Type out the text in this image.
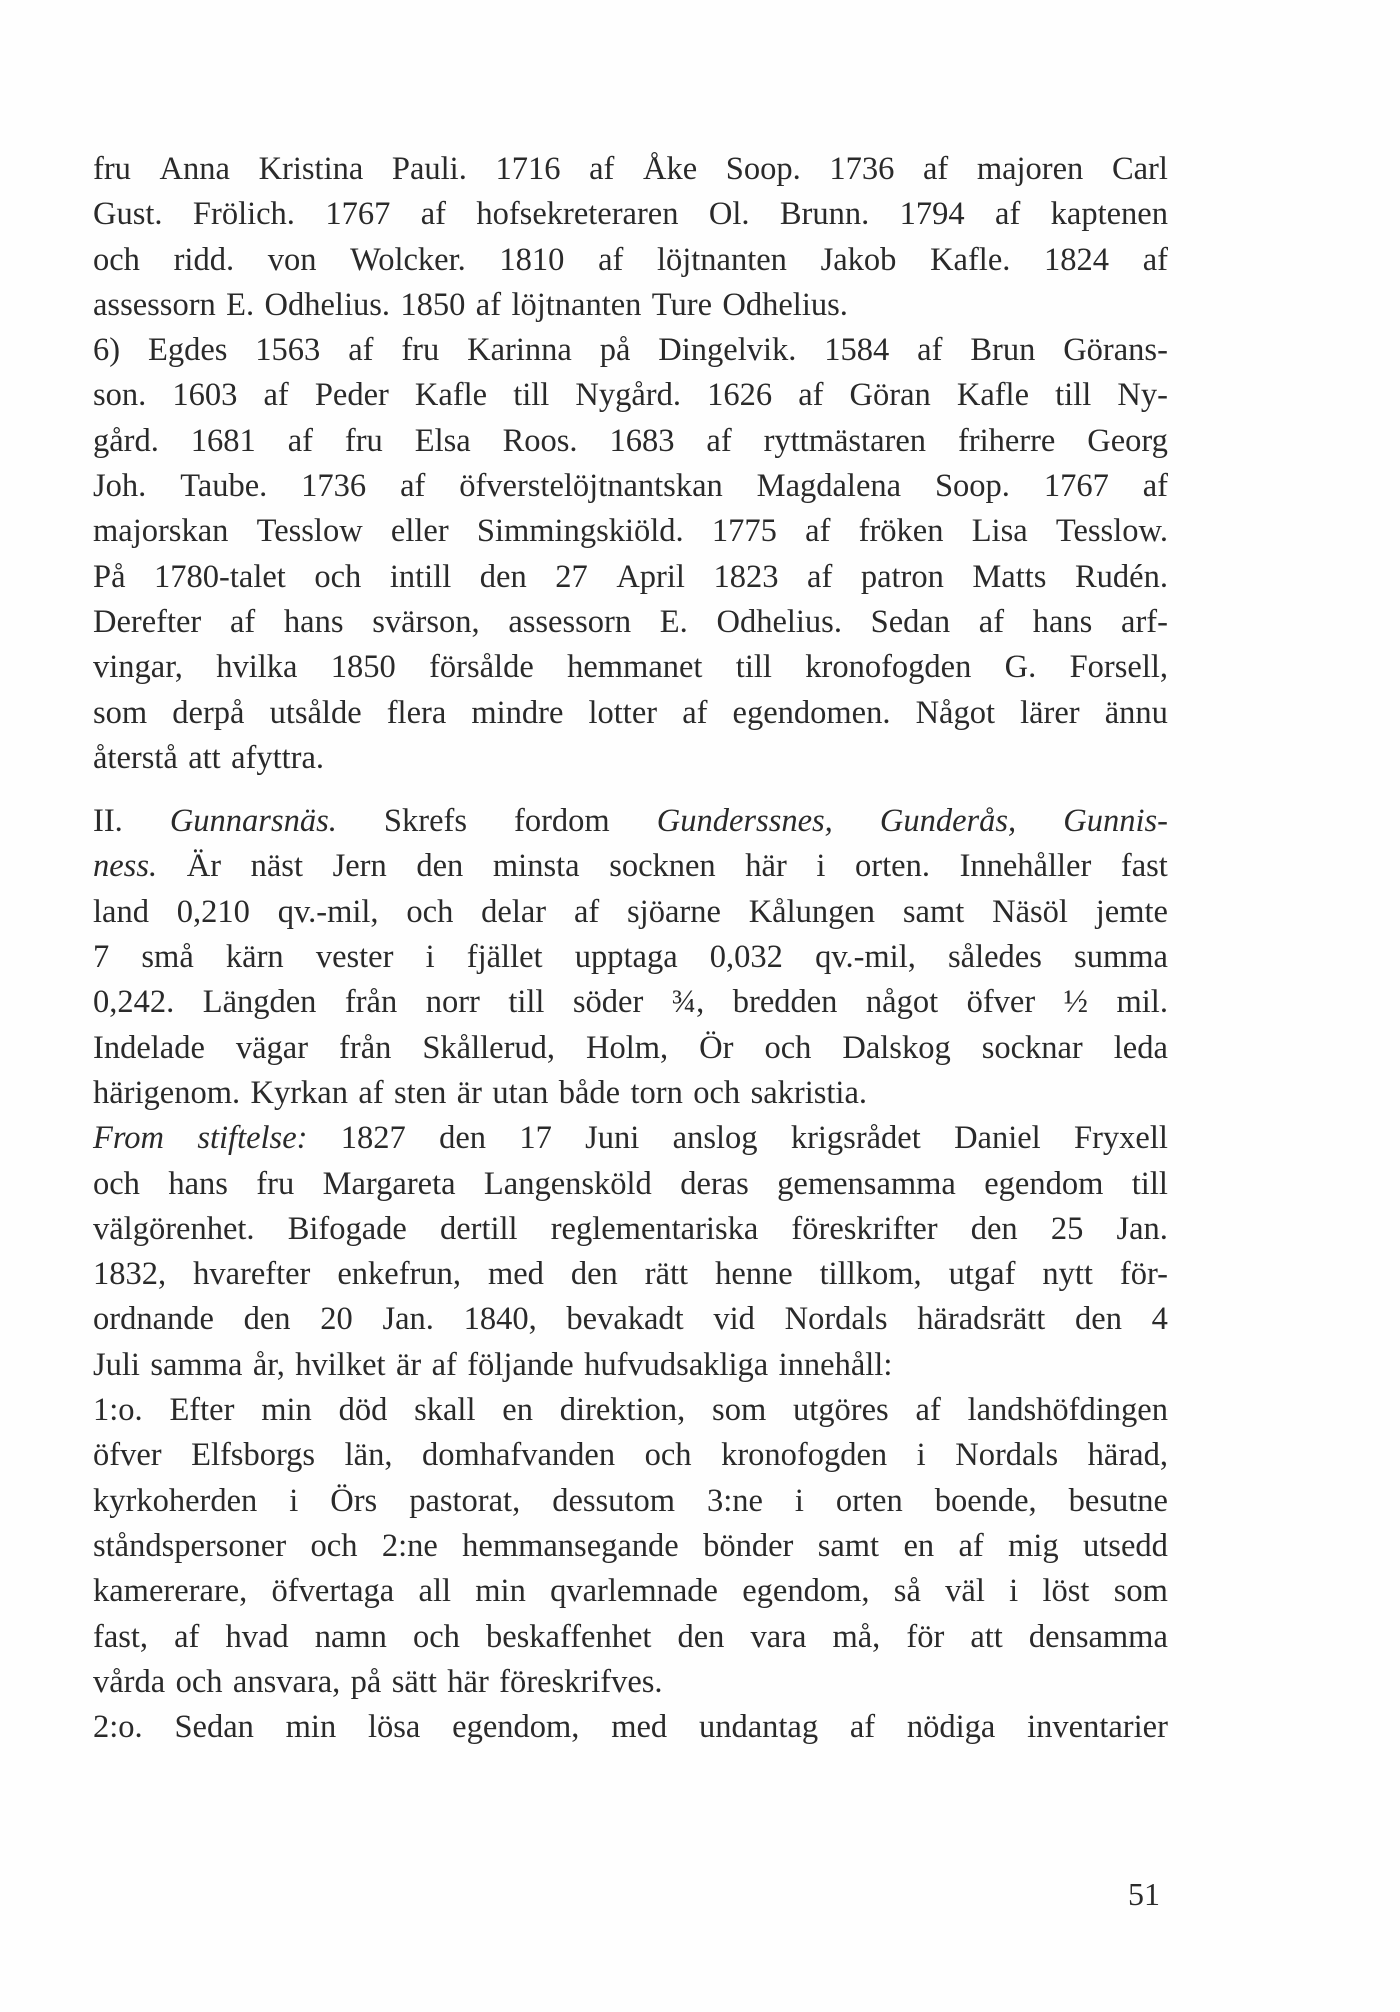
fru Anna Kristina Pauli. 1716 af Åke Soop. 1736 af majoren Carl
Gust. Frölich. 1767 af hofsekreteraren Ol. Brunn. 1794 af kaptenen
och ridd. von Wolcker. 1810 af löjtnanten Jakob Kafle. 1824 af
assessorn E. Odhelius. 1850 af löjtnanten Ture Odhelius.
6) Egdes 1563 af fru Karinna på Dingelvik. 1584 af Brun Görans-
son. 1603 af Peder Kafle till Nygård. 1626 af Göran Kafle till Ny-
gård. 1681 af fru Elsa Roos. 1683 af ryttmästaren friherre Georg
Joh. Taube. 1736 af öfverstelöjtnantskan Magdalena Soop. 1767 af
majorskan Tesslow eller Simmingskiöld. 1775 af fröken Lisa Tesslow.
På 1780-talet och intill den 27 April 1823 af patron Matts Rudén.
Derefter af hans svärson, assessorn E. Odhelius. Sedan af hans arf-
vingar, hvilka 1850 försålde hemmanet till kronofogden G. Forsell,
som derpå utsålde flera mindre lotter af egendomen. Något lärer ännu
återstå att afyttra.
II. Gunnarsnäs. Skrefs fordom Gunderssnes, Gunderås, Gunnis-
ness. Är näst Jern den minsta socknen här i orten. Innehåller fast
land 0,210 qv.-mil, och delar af sjöarne Kålungen samt Näsöl jemte
7 små kärn vester i fjället upptaga 0,032 qv.-mil, således summa
0,242. Längden från norr till söder ¾, bredden något öfver ½ mil.
Indelade vägar från Skållerud, Holm, Ör och Dalskog socknar leda
härigenom. Kyrkan af sten är utan både torn och sakristia.
From stiftelse: 1827 den 17 Juni anslog krigsrådet Daniel Fryxell
och hans fru Margareta Langensköld deras gemensamma egendom till
välgörenhet. Bifogade dertill reglementariska föreskrifter den 25 Jan.
1832, hvarefter enkefrun, med den rätt henne tillkom, utgaf nytt för-
ordnande den 20 Jan. 1840, bevakadt vid Nordals häradsrätt den 4
Juli samma år, hvilket är af följande hufvudsakliga innehåll:
1:o. Efter min död skall en direktion, som utgöres af landshöfdingen
öfver Elfsborgs län, domhafvanden och kronofogden i Nordals härad,
kyrkoherden i Örs pastorat, dessutom 3:ne i orten boende, besutne
ståndspersoner och 2:ne hemmansegande bönder samt en af mig utsedd
kamererare, öfvertaga all min qvarlemnade egendom, så väl i löst som
fast, af hvad namn och beskaffenhet den vara må, för att densamma
vårda och ansvara, på sätt här föreskrifves.
2:o. Sedan min lösa egendom, med undantag af nödiga inventarier
51
